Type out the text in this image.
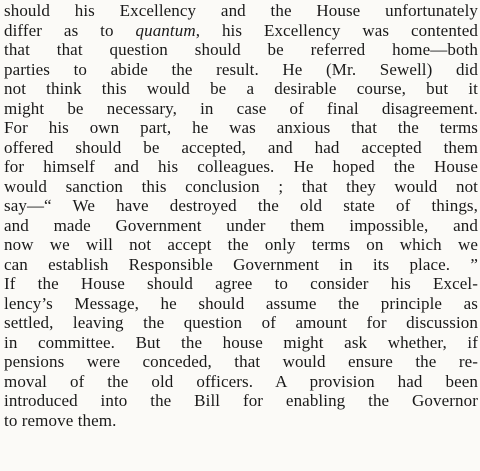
should his Excellency and the House unfortunately
differ as to quantum, his Excellency was contented
that that question should be referred home—both
parties to abide the result. He (Mr. Sewell) did
not think this would be a desirable course, but it
might be necessary, in case of final disagreement.
For his own part, he was anxious that the terms
offered should be accepted, and had accepted them
for himself and his colleagues. He hoped the House
would sanction this conclusion ; that they would not
say—“ We have destroyed the old state of things,
and made Government under them impossible, and
now we will not accept the only terms on which we
can establish Responsible Government in its place. ”
If the House should agree to consider his Excel-
lency’s Message, he should assume the principle as
settled, leaving the question of amount for discussion
in committee. But the house might ask whether, if
pensions were conceded, that would ensure the re-
moval of the old officers. A provision had been
introduced into the Bill for enabling the Governor
to remove them.
